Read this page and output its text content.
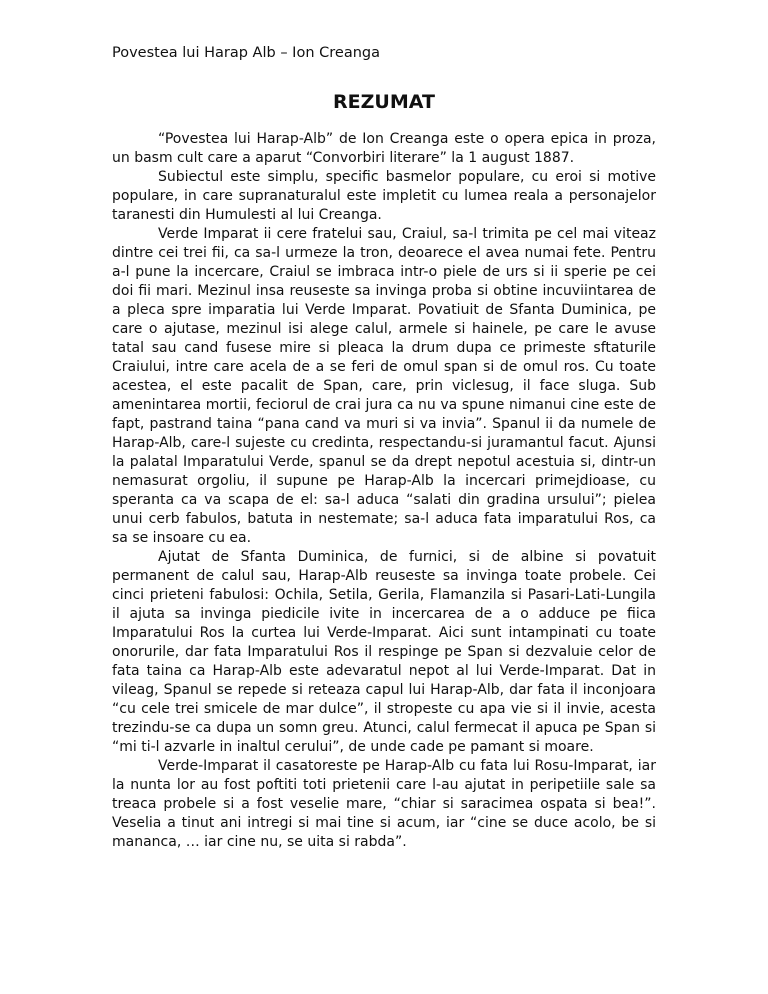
Povestea lui Harap Alb – Ion Creanga
REZUMAT

“Povestea lui Harap-Alb” de Ion Creanga este o opera epica in proza, un basm cult care a aparut “Convorbiri literare” la 1 august 1887.

Subiectul este simplu, specific basmelor populare, cu eroi si motive populare, in care supranaturalul este impletit cu lumea reala a personajelor taranesti din Humulesti al lui Creanga.

Verde Imparat ii cere fratelui sau, Craiul, sa-l trimita pe cel mai viteaz dintre cei trei fii, ca sa-l urmeze la tron, deoarece el avea numai fete. Pentru a-l pune la incercare, Craiul se imbraca intr-o piele de urs si ii sperie pe cei doi fii mari. Mezinul insa reuseste sa invinga proba si obtine incuviintarea de a pleca spre imparatia lui Verde Imparat. Povatiuit de Sfanta Duminica, pe care o ajutase, mezinul isi alege calul, armele si hainele, pe care le avuse tatal sau cand fusese mire si pleaca la drum dupa ce primeste sftaturile Craiului, intre care acela de a se feri de omul span si de omul ros. Cu toate acestea, el este pacalit de Span, care, prin viclesug, il face sluga. Sub amenintarea mortii, feciorul de crai jura ca nu va spune nimanui cine este de fapt, pastrand taina “pana cand va muri si va invia”. Spanul ii da numele de Harap-Alb, care-l sujeste cu credinta, respectandu-si juramantul facut. Ajunsi la palatal Imparatului Verde, spanul se da drept nepotul acestuia si, dintr-un nemasurat orgoliu, il supune pe Harap-Alb la incercari primejdioase, cu speranta ca va scapa de el: sa-l aduca “salati din gradina ursului”; pielea unui cerb fabulos, batuta in nestemate; sa-l aduca fata imparatului Ros, ca sa se insoare cu ea.

Ajutat de Sfanta Duminica, de furnici, si de albine si povatuit permanent de calul sau, Harap-Alb reuseste sa invinga toate probele. Cei cinci prieteni fabulosi: Ochila, Setila, Gerila, Flamanzila si Pasari-Lati-Lungila il ajuta sa invinga piedicile ivite in incercarea de a o adduce pe fiica Imparatului Ros la curtea lui Verde-Imparat. Aici sunt intampinati cu toate onorurile, dar fata Imparatului Ros il respinge pe Span si dezvaluie celor de fata taina ca Harap-Alb este adevaratul nepot al lui Verde-Imparat. Dat in vileag, Spanul se repede si reteaza capul lui Harap-Alb, dar fata il inconjoara “cu cele trei smicele de mar dulce”, il stropeste cu apa vie si il invie, acesta trezindu-se ca dupa un somn greu. Atunci, calul fermecat il apuca pe Span si “mi ti-l azvarle in inaltul cerului”, de unde cade pe pamant si moare.

Verde-Imparat il casatoreste pe Harap-Alb cu fata lui Rosu-Imparat, iar la nunta lor au fost poftiti toti prietenii care l-au ajutat in peripetiile sale sa treaca probele si a fost veselie mare, “chiar si saracimea ospata si bea!”. Veselia a tinut ani intregi si mai tine si acum, iar “cine se duce acolo, be si mananca, … iar cine nu, se uita si rabda”.
